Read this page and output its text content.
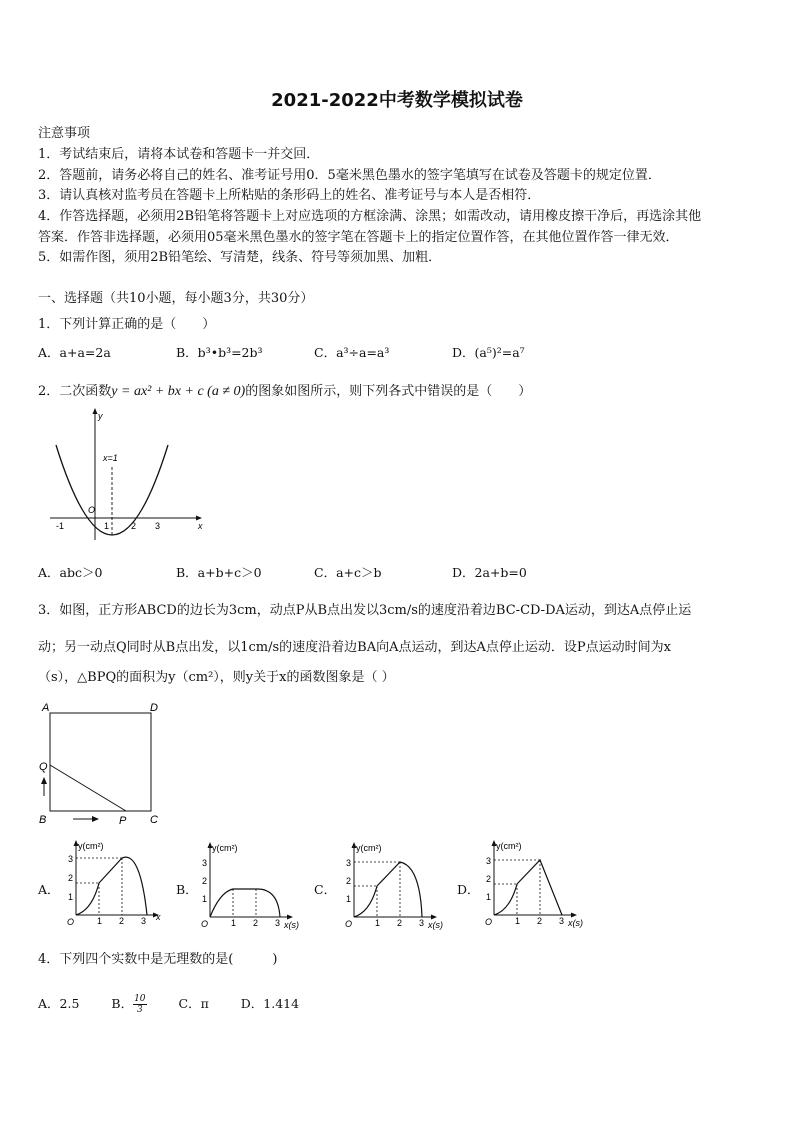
2021-2022中考数学模拟试卷
注意事项
1．考试结束后，请将本试卷和答题卡一并交回．
2．答题前，请务必将自己的姓名、准考证号用0．5毫米黑色墨水的签字笔填写在试卷及答题卡的规定位置．
3．请认真核对监考员在答题卡上所粘贴的条形码上的姓名、准考证号与本人是否相符．
4．作答选择题，必须用2B铅笔将答题卡上对应选项的方框涂满、涂黑；如需改动，请用橡皮擦干净后，再选涂其他
答案．作答非选择题，必须用05毫米黑色墨水的签字笔在答题卡上的指定位置作答，在其他位置作答一律无效．
5．如需作图，须用2B铅笔绘、写清楚，线条、符号等须加黑、加粗．
一、选择题（共10小题，每小题3分，共30分）
1．下列计算正确的是（　　）
A．a+a=2a	B．b³•b³=2b³	C．a³÷a=a³	D．(a⁵)²=a⁷
2．二次函数y = ax² + bx + c (a ≠ 0)的图象如图所示，则下列各式中错误的是（　　）
y
x
x=1
O
-1	1 2 3
A．abc＞0	B．a+b+c＞0	C．a+c＞b	D．2a+b=0
3．如图，正方形ABCD的边长为3cm，动点P从B点出发以3cm/s的速度沿着边BC-CD-DA运动，到达A点停止运
动；另一动点Q同时从B点出发，以1cm/s的速度沿着边BA向A点运动，到达A点停止运动．设P点运动时间为x
（s），△BPQ的面积为y（cm²），则y关于x的函数图象是（ ）
A	D
Q
B	P C
A．	B．	C．	D．
y(cm²)
x
O	1 2 3
1
2
3
y(cm²)
x(s)
O	1 2 3
1
2
3
y(cm²)
x(s)
O	1 2 3
1
2
3
y(cm²)
x(s)
O	1 2 3
1
2
3
4．下列四个实数中是无理数的是(　　　)
A．2.5	B． $\frac{10}{3}$	C．π	D．1.414
